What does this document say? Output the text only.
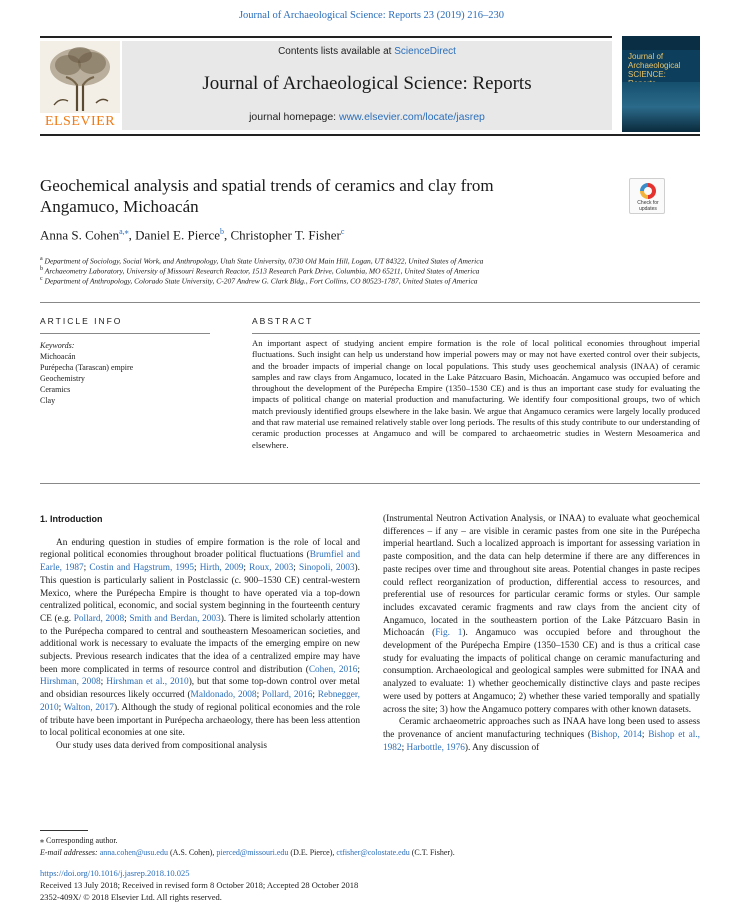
Journal of Archaeological Science: Reports 23 (2019) 216–230
ELSEVIER
Contents lists available at ScienceDirect
Journal of Archaeological Science: Reports
journal homepage: www.elsevier.com/locate/jasrep
Journal of Archaeological SCIENCE:
Geochemical analysis and spatial trends of ceramics and clay from Angamuco, Michoacán	Check for updates
Anna S. Cohen$^{a,⁎}$, Daniel E. Pierce$^b$, Christopher T. Fisher$^c$
$^a$ Department of Sociology, Social Work, and Anthropology, Utah State University, 0730 Old Main Hill, Logan, UT 84322, United States of America
$^b$ Archaeometry Laboratory, University of Missouri Research Reactor, 1513 Research Park Drive, Columbia, MO 65211, United States of America
$^c$ Department of Anthropology, Colorado State University, C-207 Andrew G. Clark Bldg., Fort Collins, CO 80523-1787, United States of America
ARTICLE INFO	ABSTRACT
Keywords:
Michoacán
Purépecha (Tarascan) empire
Geochemistry
Ceramics
Clay
An important aspect of studying ancient empire formation is the role of local political economies throughout imperial fluctuations. Such insight can help us understand how imperial powers may or may not have exerted control over their subjects, and the broader impacts of imperial change on local populations. This study uses geochemical analysis (INAA) of ceramic samples and raw clays from Angamuco, located in the Lake Pátzcuaro Basin, Michoacán. Angamuco was occupied before and throughout the development of the Purépecha Empire (1350–1530 CE) and is thus an important case study for evaluating the impacts of political change on material production and manufacturing. We identify four compositional groups, two of which match previously identified groups elsewhere in the lake basin. We argue that Angamuco ceramics were largely locally produced and that raw material use remained relatively stable over long periods. The results of this study contribute to our understanding of ceramic production processes at Angamuco and will be compared to archaeometric studies in Western Mesoamerica and elsewhere.
1. Introduction

An enduring question in studies of empire formation is the role of local and regional political economies throughout broader political fluctuations (Brumfiel and Earle, 1987; Costin and Hagstrum, 1995; Hirth, 2009; Roux, 2003; Sinopoli, 2003). This question is particularly salient in Postclassic (c. 900–1530 CE) central-western Mexico, where the Purépecha Empire is thought to have operated via a top-down centralized political, economic, and social system beginning in the fourteenth century CE (e.g. Pollard, 2008; Smith and Berdan, 2003). There is limited scholarly attention to the Purépecha compared to central and southeastern Mesoamerican societies, and additional work is necessary to evaluate the impacts of the emerging empire on new subjects. Previous research indicates that the idea of a centralized empire may have been more complicated in terms of resource control and distribution (Cohen, 2016; Hirshman, 2008; Hirshman et al., 2010), but that some top-down control over metal and obsidian resources likely occurred (Maldonado, 2008; Pollard, 2016; Rebnegger, 2010; Walton, 2017). Although the study of regional political economies and the role of tribute have been important in Purépecha archaeology, there has been less attention to local political economies at one site.

Our study uses data derived from compositional analysis

(Instrumental Neutron Activation Analysis, or INAA) to evaluate what geochemical differences – if any – are visible in ceramic pastes from one site in the Purépecha imperial heartland. Such a localized approach is important for assessing variation in paste composition, and the data can help determine if there are any differences in paste recipes over time and throughout site areas. Potential changes in paste recipes could reflect reorganization of production, differential access to resources, and preferential use of resources for particular ceramic forms or styles. Our sample includes excavated ceramic fragments and raw clays from the ancient city of Angamuco, located in the southeastern portion of the Lake Pátzcuaro Basin in Michoacán (Fig. 1). Angamuco was occupied before and throughout the development of the Purépecha Empire (1350–1530 CE) and is thus a critical case study for evaluating the impacts of political change on ceramic manufacturing and consumption. Archaeological and geological samples were submitted for INAA and analyzed to evaluate: 1) whether geochemically distinctive clays and paste recipes were used by potters at Angamuco; 2) whether these varied temporally and spatially across the site; 3) how the Angamuco pottery compares with other known datasets.

Ceramic archaeometric approaches such as INAA have long been used to assess the provenance of ancient manufacturing techniques (Bishop, 2014; Bishop et al., 1982; Harbottle, 1976). Any discussion of

⁎ Corresponding author.
E-mail addresses: anna.cohen@usu.edu (A.S. Cohen), pierced@missouri.edu (D.E. Pierce), ctfisher@colostate.edu (C.T. Fisher).
https://doi.org/10.1016/j.jasrep.2018.10.025
Received 13 July 2018; Received in revised form 8 October 2018; Accepted 28 October 2018
2352-409X/ © 2018 Elsevier Ltd. All rights reserved.
